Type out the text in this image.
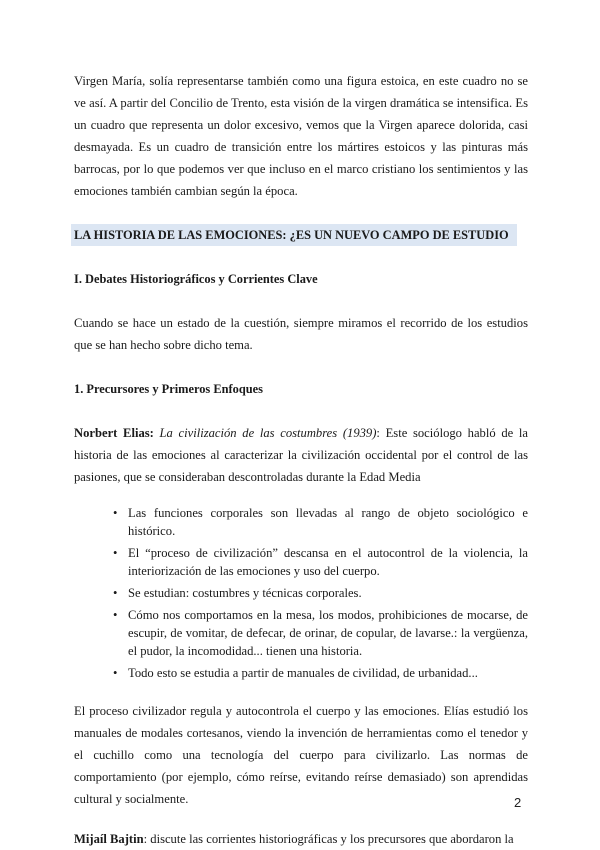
Virgen María, solía representarse también como una figura estoica, en este cuadro no se ve así. A partir del Concilio de Trento, esta visión de la virgen dramática se intensifica. Es un cuadro que representa un dolor excesivo, vemos que la Virgen aparece dolorida, casi desmayada. Es un cuadro de transición entre los mártires estoicos y las pinturas más barrocas, por lo que podemos ver que incluso en el marco cristiano los sentimientos y las emociones también cambian según la época.

LA HISTORIA DE LAS EMOCIONES: ¿ES UN NUEVO CAMPO DE ESTUDIO

I. Debates Historiográficos y Corrientes Clave

Cuando se hace un estado de la cuestión, siempre miramos el recorrido de los estudios que se han hecho sobre dicho tema.

1. Precursores y Primeros Enfoques

Norbert Elias: La civilización de las costumbres (1939): Este sociólogo habló de la historia de las emociones al caracterizar la civilización occidental por el control de las pasiones, que se consideraban descontroladas durante la Edad Media

• Las funciones corporales son llevadas al rango de objeto sociológico e histórico.
• El “proceso de civilización” descansa en el autocontrol de la violencia, la interiorización de las emociones y uso del cuerpo.
• Se estudian: costumbres y técnicas corporales.
• Cómo nos comportamos en la mesa, los modos, prohibiciones de mocarse, de escupir, de vomitar, de defecar, de orinar, de copular, de lavarse.: la vergüenza, el pudor, la incomodidad... tienen una historia.
• Todo esto se estudia a partir de manuales de civilidad, de urbanidad...

El proceso civilizador regula y autocontrola el cuerpo y las emociones. Elías estudió los manuales de modales cortesanos, viendo la invención de herramientas como el tenedor y el cuchillo como una tecnología del cuerpo para civilizarlo. Las normas de comportamiento (por ejemplo, cómo reírse, evitando reírse demasiado) son aprendidas cultural y socialmente.

Mijaíl Bajtin: discute las corrientes historiográficas y los precursores que abordaron la

2
